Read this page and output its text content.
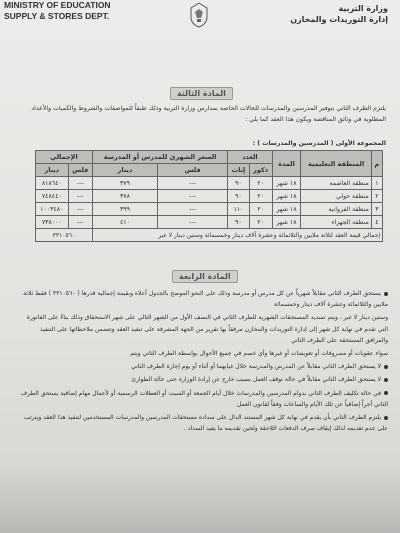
MINISTRY OF EDUCATION
SUPPLY & STORES DEPT.
وزارة التربية
إدارة التوريدات والمخازن
المادة الثالثة
يلتزم الطرف الثاني بتوفير المدرسين والمدرسات للحالات الخاصة بمدارس وزارة التربية وذلك طبقاً للمواصفات والشروط والكميات والأعداد المطلوبة في وثائق المناقصة ويكون هذا العقد كما يلي :
المجموعة الأولى ( المدرسين والمدرسات ) :
م	المنطقة التعليمية	المدة	العدد		السعر الشهري للمدرس أو المدرسة		الإجمالي	
			ذكور	إناث	فلس	دينار	فلس	دينار
١	منطقة العاصمة	١٨ شهر	٢٠	٩٠	---	٣٧٩	---	٨١٨٦٤٠
٢	منطقة حولي	١٨ شهر	٢٠	٩٠	---	٣٧٨	---	٧٤٨٤٤٠
٣	منطقة الفروانية	١٨ شهر	٢٠	١١٠	---	٣٩٩	---	١٠٠٣٤٨٠
٤	منطقة الجهراء	١٨ شهر	٢٠	٩٠	---	٤١٠	---	٧٣٨٠٠٠
إجمالي قيمة العقد لثلاثة ملايين والثلاثمائة وعشرة آلاف دينار وخمسمائة وستين دينار لا غير							٣٣١٠٥٦٠	
المادة الرابعة

يستحق الطرف الثاني مقابلاً شهرياً عن كل مدرس أو مدرسة وذلك على النحو الموضح بالجدول أعلاه وبقيمة إجمالية قدرها ( ٣٣١٠٥٦٠ ) فقط ثلاثة ملايين والثلاثمائة وعشرة آلاف دينار وخمسمائة

وستين دينار لا غير ، ويتم تسديد المستحقات الشهرية للطرف الثاني في النصف الأول من الشهر التالي على شهر الاستحقاق وذلك بناءً على الفاتورة التي تقدم في نهاية كل شهر إلى إدارة التوريدات والمخازن مرفقاً بها تقرير من الجهة المشرفة على تنفيذ العقد وتتضمن ملاحظاتها على التنفيذ والمرافق المستحقة على الطرف الثاني

سواء عقوبات أو مصروفات أو تعويضات أو غيرها وأي خصم في جميع الأحوال بواسطة الطرف الثاني ويتم

لا يستحق الطرف الثاني مقابلاً عن المدرس والمدرسة خلال غيابهما أو أثناء أو يوم إجازة الطرف الثاني

لا يستحق الطرف الثاني مقابلاً في حالة توقف العمل بسبب خارج عن إرادة الوزارة حتى حالة الطوارئ

في حالة تكليف الطرف الثاني بدوام المدرسين والمدرسات خلال أيام الجمعة أو السبت أو العطلات الرسمية أو لأعمال مهام إضافية يستحق الطرف الثاني أجراً إضافياً عن تلك الأيام والساعات وفقاً لقانون العمل

يلتزم الطرف الثاني بأن يقدم في نهاية كل شهر المستند الدال على سداده مستحقات المدرسين والمدرسات المستخدمين لتنفيذ هذا العقد ويترتب على عدم تقديمه لذلك إيقاف صرف الدفعات اللاحقة ولحين تقديمه ما يفيد السداد .
